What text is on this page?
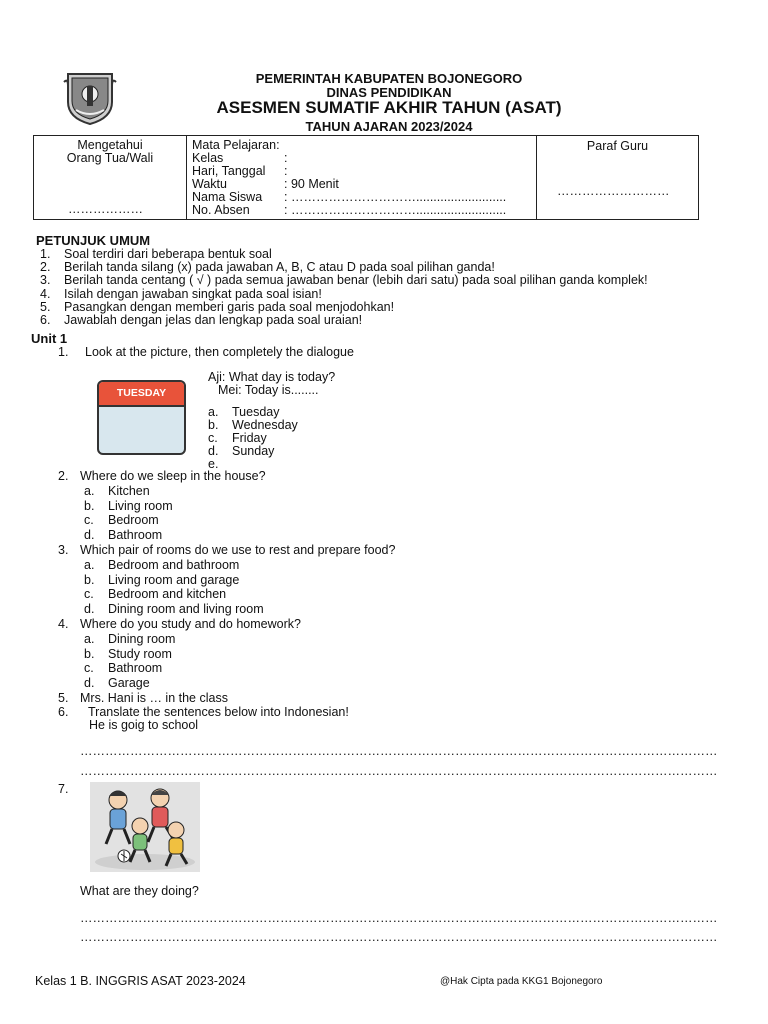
PEMERINTAH KABUPATEN BOJONEGORO
DINAS PENDIDIKAN
ASESMEN SUMATIF AKHIR TAHUN (ASAT)
TAHUN AJARAN 2023/2024
Mengetahui
Orang Tua/Wali
………………

Mata Pelajaran:
Kelas	:
Hari, Tanggal	:
Waktu	: 90 Menit
Nama Siswa	: …………………………..........................
No. Absen	: …………………………..........................

Paraf Guru
………………………
PETUNJUK UMUM
1.	Soal terdiri dari beberapa bentuk soal
2.	Berilah tanda silang (x) pada jawaban A, B, C atau D pada soal pilihan ganda!
3.	Berilah tanda centang ( √ ) pada semua jawaban benar (lebih dari satu) pada soal pilihan ganda komplek!
4.	Isilah dengan jawaban singkat pada soal isian!
5.	Pasangkan dengan memberi garis pada soal menjodohkan!
6.	Jawablah dengan jelas dan lengkap pada soal uraian!
Unit 1
1. Look at the picture, then completely the dialogue
TUESDAY
Aji: What day is today?
Mei: Today is........
a.	Tuesday
b.	Wednesday
c.	Friday
d.	Sunday
e.
2. Where do we sleep in the house?
a.	Kitchen
b.	Living room
c.	Bedroom
d.	Bathroom
3. Which pair of rooms do we use to rest and prepare food?
a.	Bedroom and bathroom
b.	Living room and garage
c.	Bedroom and kitchen
d.	Dining room and living room
4. Where do you study and do homework?
a.	Dining room
b.	Study room
c.	Bathroom
d.	Garage
5. Mrs. Hani is … in the class
6. Translate the sentences below into Indonesian!
He is goig to school
………………………………………………………………………………………………………………………………………
………………………………………………………………………………………………………………………………………
7.
What are they doing?
………………………………………………………………………………………………………………………………………
………………………………………………………………………………………………………………………………………
Kelas 1 B. INGGRIS ASAT 2023-2024	@Hak Cipta pada KKG1 Bojonegoro
